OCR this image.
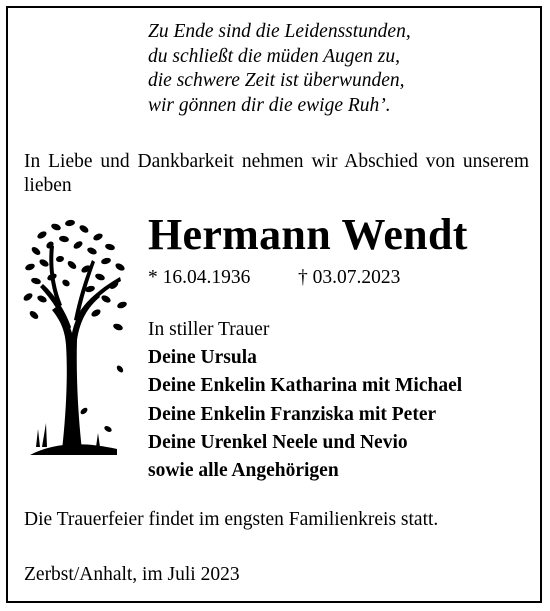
Zu Ende sind die Leidensstunden,
du schließt die müden Augen zu,
die schwere Zeit ist überwunden,
wir gönnen dir die ewige Ruh’.
In Liebe und Dankbarkeit nehmen wir Abschied von unserem lieben
Hermann Wendt
* 16.04.1936 † 03.07.2023
In stiller Trauer
Deine Ursula
Deine Enkelin Katharina mit Michael
Deine Enkelin Franziska mit Peter
Deine Urenkel Neele und Nevio
sowie alle Angehörigen
Die Trauerfeier findet im engsten Familienkreis statt.
Zerbst/Anhalt, im Juli 2023
